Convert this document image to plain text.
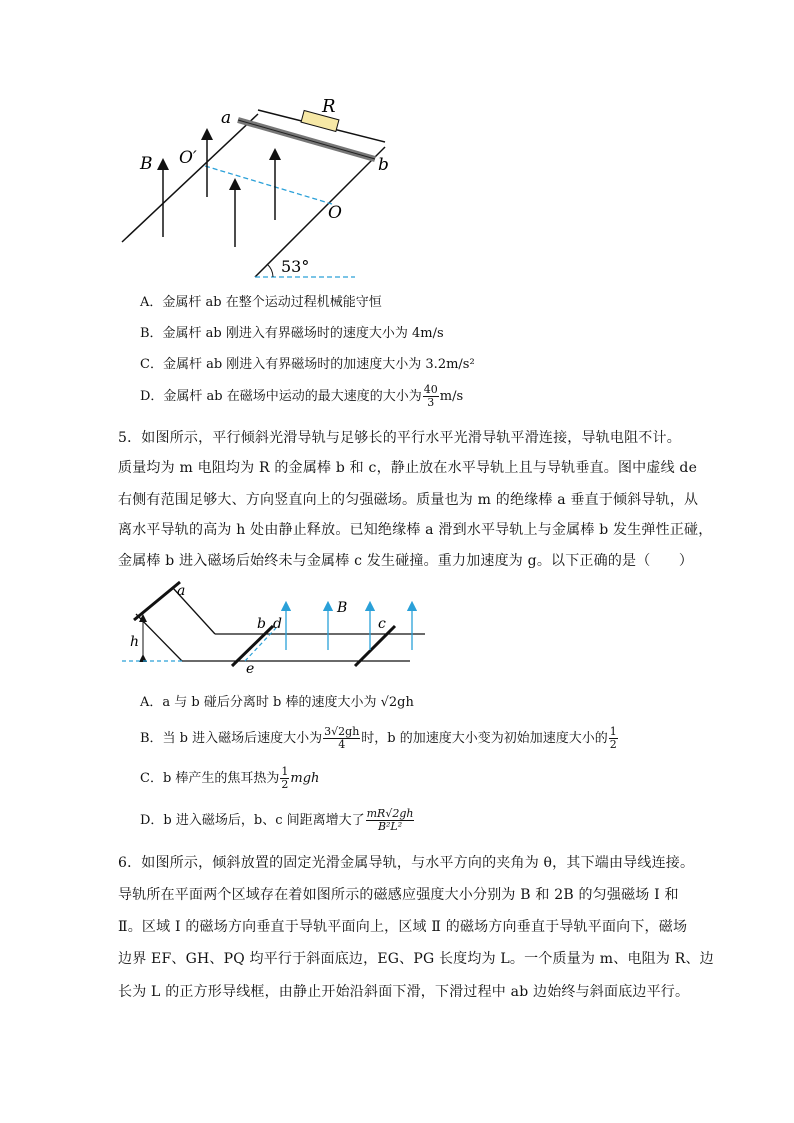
a
R
b
B O′
O
53°
A．金属杆 ab 在整个运动过程机械能守恒
B．金属杆 ab 刚进入有界磁场时的速度大小为 4m/s
C．金属杆 ab 刚进入有界磁场时的加速度大小为 3.2m/s²
D．金属杆 ab 在磁场中运动的最大速度的大小为 $\frac{40}{3} m/s$
5．如图所示，平行倾斜光滑导轨与足够长的平行水平光滑导轨平滑连接，导轨电阻不计。
质量均为 m 电阻均为 R 的金属棒 b 和 c，静止放在水平导轨上且与导轨垂直。图中虚线 de
右侧有范围足够大、方向竖直向上的匀强磁场。质量也为 m 的绝缘棒 a 垂直于倾斜导轨，从
离水平导轨的高为 h 处由静止释放。已知绝缘棒 a 滑到水平导轨上与金属棒 b 发生弹性正碰，
金属棒 b 进入磁场后始终未与金属棒 c 发生碰撞。重力加速度为 g。以下正确的是（　　）
a
b d
B
c
h
e
A．a 与 b 碰后分离时 b 棒的速度大小为 √2gh
B．当 b 进入磁场后速度大小为 $\frac{3√2gh}{4}$ 时，b 的加速度大小变为初始加速度大小的 $\frac{1}{2}$
C．b 棒产生的焦耳热为 $\frac{1}{2}$ mgh
D．b 进入磁场后，b、c 间距离增大了 $\frac{mR√2gh}{\text{B²L²}}$
6．如图所示，倾斜放置的固定光滑金属导轨，与水平方向的夹角为 θ，其下端由导线连接。
导轨所在平面两个区域存在着如图所示的磁感应强度大小分别为 B 和 2B 的匀强磁场 Ⅰ 和
Ⅱ。区域 Ⅰ 的磁场方向垂直于导轨平面向上，区域 Ⅱ 的磁场方向垂直于导轨平面向下，磁场
边界 EF、GH、PQ 均平行于斜面底边，EG、PG 长度均为 L。一个质量为 m、电阻为 R、边
长为 L 的正方形导线框，由静止开始沿斜面下滑，下滑过程中 ab 边始终与斜面底边平行。
